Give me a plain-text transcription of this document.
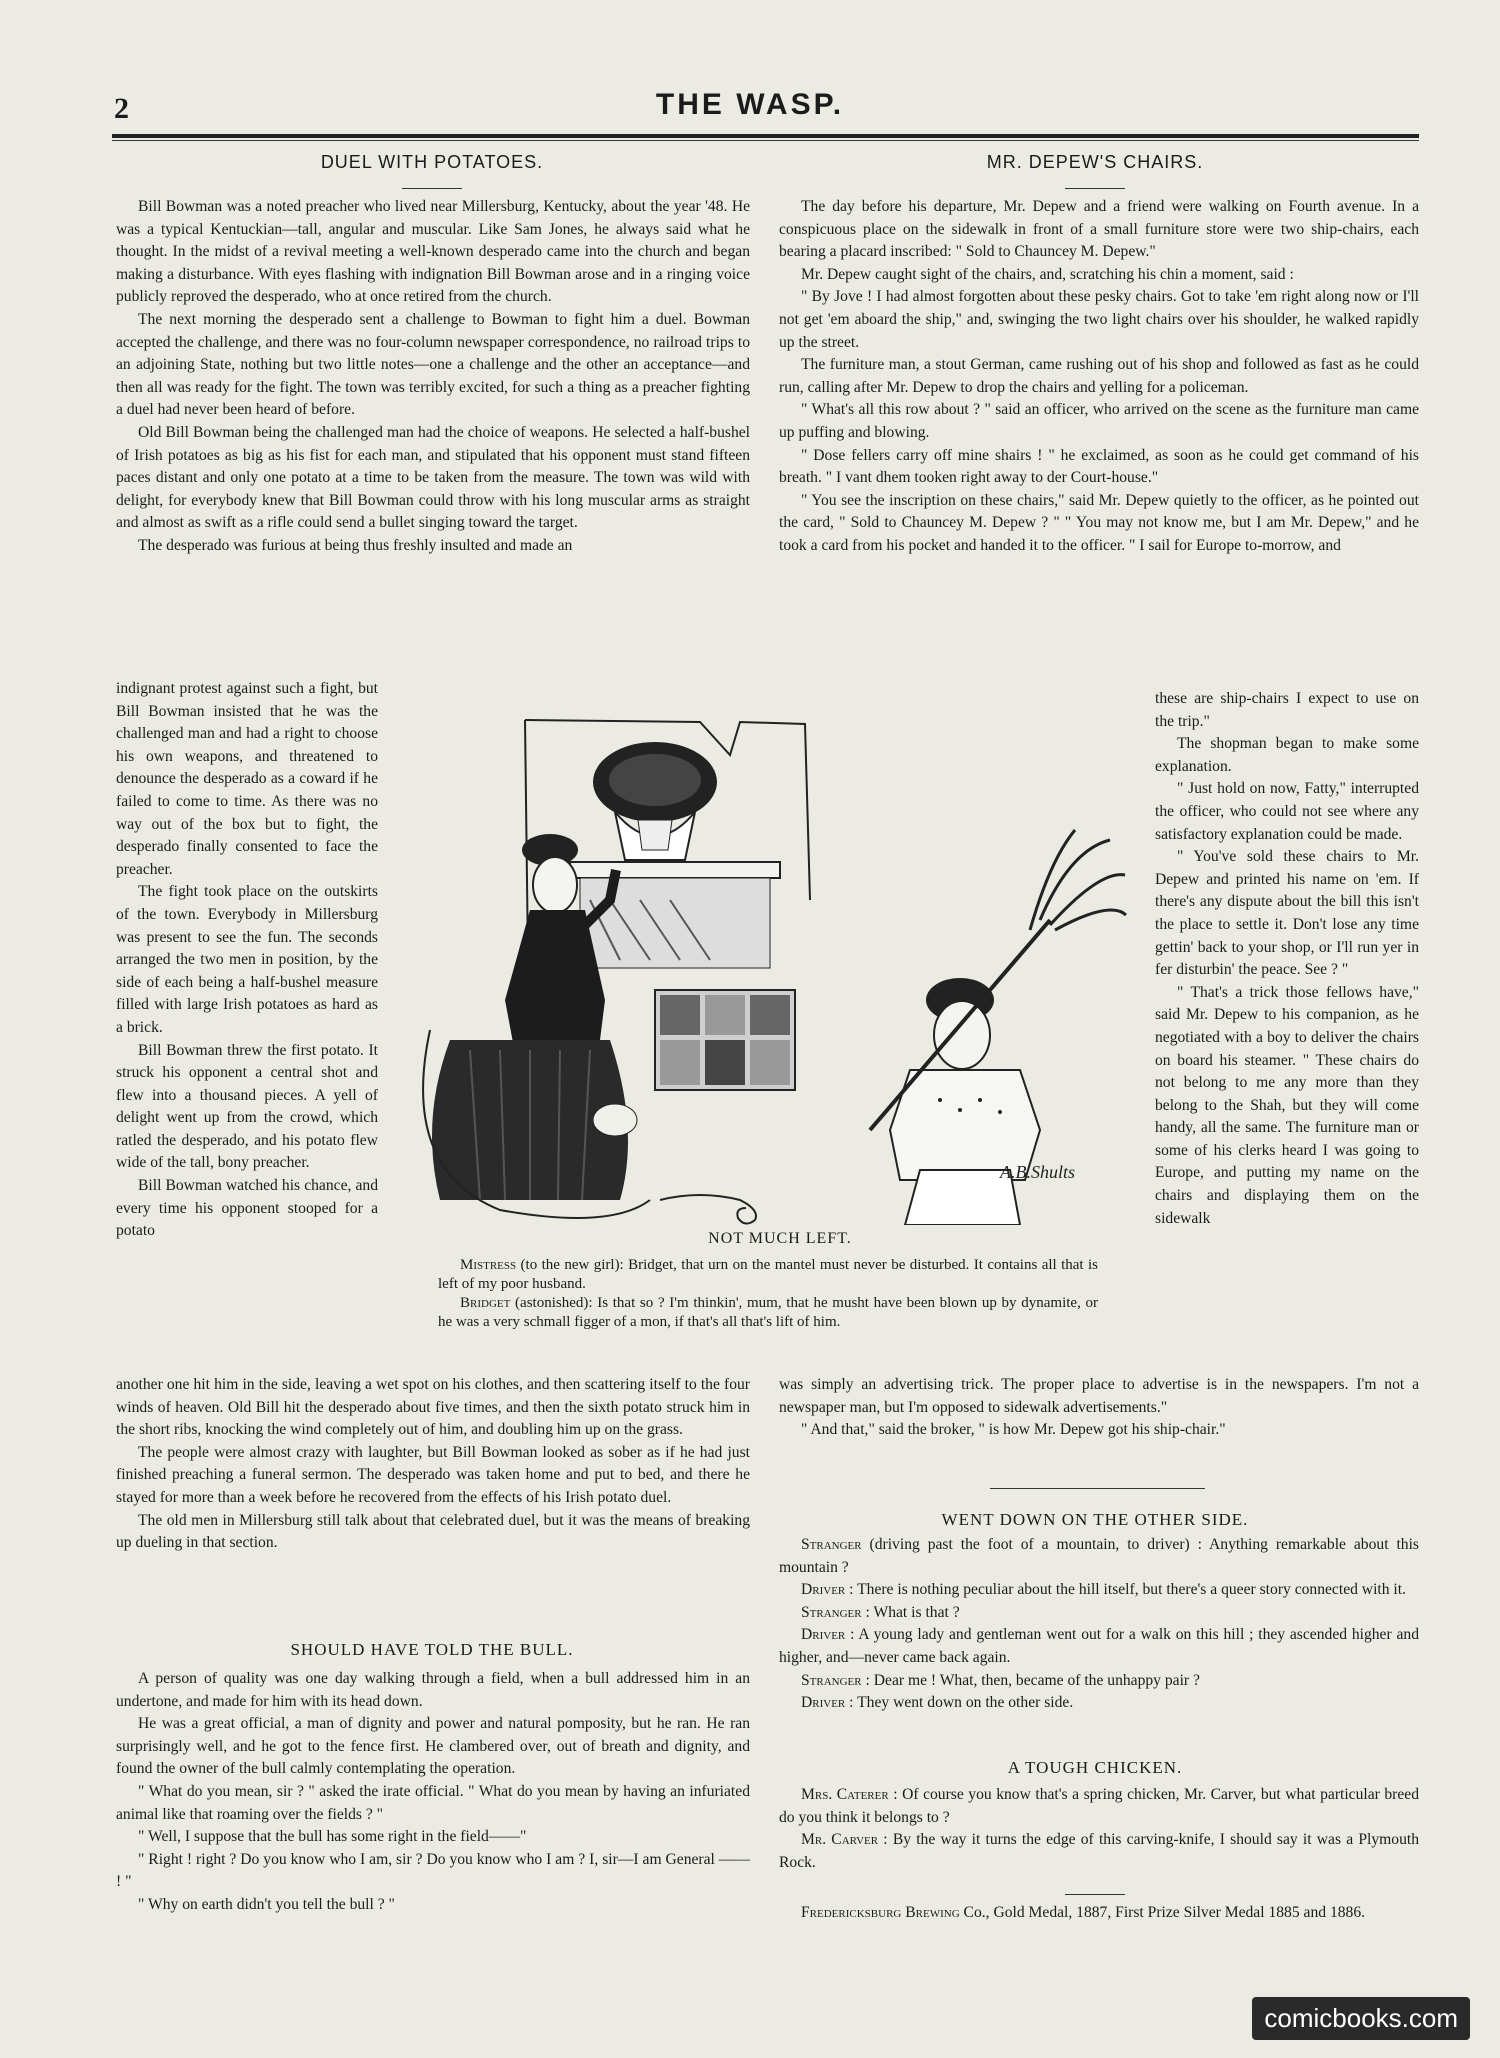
2	THE WASP.
DUEL WITH POTATOES.

Bill Bowman was a noted preacher who lived near Millersburg, Kentucky, about the year '48. He was a typical Kentuckian—tall, angular and muscular. Like Sam Jones, he always said what he thought. In the midst of a revival meeting a well-known desperado came into the church and began making a disturbance. With eyes flashing with indignation Bill Bowman arose and in a ringing voice publicly reproved the desperado, who at once retired from the church.

The next morning the desperado sent a challenge to Bowman to fight him a duel. Bowman accepted the challenge, and there was no four-column newspaper correspondence, no railroad trips to an adjoining State, nothing but two little notes—one a challenge and the other an acceptance—and then all was ready for the fight. The town was terribly excited, for such a thing as a preacher fighting a duel had never been heard of before.

Old Bill Bowman being the challenged man had the choice of weapons. He selected a half-bushel of Irish potatoes as big as his fist for each man, and stipulated that his opponent must stand fifteen paces distant and only one potato at a time to be taken from the measure. The town was wild with delight, for everybody knew that Bill Bowman could throw with his long muscular arms as straight and almost as swift as a rifle could send a bullet singing toward the target.

The desperado was furious at being thus freshly insulted and made an

indignant protest against such a fight, but Bill Bowman insisted that he was the challenged man and had a right to choose his own weapons, and threatened to denounce the desperado as a coward if he failed to come to time. As there was no way out of the box but to fight, the desperado finally consented to face the preacher.

The fight took place on the outskirts of the town. Everybody in Millersburg was present to see the fun. The seconds arranged the two men in position, by the side of each being a half-bushel measure filled with large Irish potatoes as hard as a brick.

Bill Bowman threw the first potato. It struck his opponent a central shot and flew into a thousand pieces. A yell of delight went up from the crowd, which ratled the desperado, and his potato flew wide of the tall, bony preacher.

Bill Bowman watched his chance, and every time his opponent stooped for a potato

another one hit him in the side, leaving a wet spot on his clothes, and then scattering itself to the four winds of heaven. Old Bill hit the desperado about five times, and then the sixth potato struck him in the short ribs, knocking the wind completely out of him, and doubling him up on the grass.

The people were almost crazy with laughter, but Bill Bowman looked as sober as if he had just finished preaching a funeral sermon. The desperado was taken home and put to bed, and there he stayed for more than a week before he recovered from the effects of his Irish potato duel.

The old men in Millersburg still talk about that celebrated duel, but it was the means of breaking up dueling in that section.

SHOULD HAVE TOLD THE BULL.

A person of quality was one day walking through a field, when a bull addressed him in an undertone, and made for him with its head down.

He was a great official, a man of dignity and power and natural pomposity, but he ran. He ran surprisingly well, and he got to the fence first. He clambered over, out of breath and dignity, and found the owner of the bull calmly contemplating the operation.

" What do you mean, sir ? " asked the irate official. " What do you mean by having an infuriated animal like that roaming over the fields ? "

" Well, I suppose that the bull has some right in the field——"

" Right ! right ? Do you know who I am, sir ? Do you know who I am ? I, sir—I am General —— ! "

" Why on earth didn't you tell the bull ? "

MR. DEPEW'S CHAIRS.

The day before his departure, Mr. Depew and a friend were walking on Fourth avenue. In a conspicuous place on the sidewalk in front of a small furniture store were two ship-chairs, each bearing a placard inscribed: " Sold to Chauncey M. Depew."

Mr. Depew caught sight of the chairs, and, scratching his chin a moment, said :

" By Jove ! I had almost forgotten about these pesky chairs. Got to take 'em right along now or I'll not get 'em aboard the ship," and, swinging the two light chairs over his shoulder, he walked rapidly up the street.

The furniture man, a stout German, came rushing out of his shop and followed as fast as he could run, calling after Mr. Depew to drop the chairs and yelling for a policeman.

" What's all this row about ? " said an officer, who arrived on the scene as the furniture man came up puffing and blowing.

" Dose fellers carry off mine shairs ! " he exclaimed, as soon as he could get command of his breath. " I vant dhem tooken right away to der Court-house."

" You see the inscription on these chairs," said Mr. Depew quietly to the officer, as he pointed out the card, " Sold to Chauncey M. Depew ? " " You may not know me, but I am Mr. Depew," and he took a card from his pocket and handed it to the officer. " I sail for Europe to-morrow, and

these are ship-chairs I expect to use on the trip."

The shopman began to make some explanation.

" Just hold on now, Fatty," interrupted the officer, who could not see where any satisfactory explanation could be made.

" You've sold these chairs to Mr. Depew and printed his name on 'em. If there's any dispute about the bill this isn't the place to settle it. Don't lose any time gettin' back to your shop, or I'll run yer in fer disturbin' the peace. See ? "

" That's a trick those fellows have," said Mr. Depew to his companion, as he negotiated with a boy to deliver the chairs on board his steamer. " These chairs do not belong to me any more than they belong to the Shah, but they will come handy, all the same. The furniture man or some of his clerks heard I was going to Europe, and putting my name on the chairs and displaying them on the sidewalk

was simply an advertising trick. The proper place to advertise is in the newspapers. I'm not a newspaper man, but I'm opposed to sidewalk advertisements."

" And that," said the broker, " is how Mr. Depew got his ship-chair."

WENT DOWN ON THE OTHER SIDE.

Stranger (driving past the foot of a mountain, to driver) : Anything remarkable about this mountain ?

Driver : There is nothing peculiar about the hill itself, but there's a queer story connected with it.

Stranger : What is that ?

Driver : A young lady and gentleman went out for a walk on this hill ; they ascended higher and higher, and—never came back again.

Stranger : Dear me ! What, then, became of the unhappy pair ?

Driver : They went down on the other side.

A TOUGH CHICKEN.

Mrs. Caterer : Of course you know that's a spring chicken, Mr. Carver, but what particular breed do you think it belongs to ?

Mr. Carver : By the way it turns the edge of this carving-knife, I should say it was a Plymouth Rock.

Fredericksburg Brewing Co., Gold Medal, 1887, First Prize Silver Medal 1885 and 1886.

A.B.Shults
NOT MUCH LEFT.

Mistress (to the new girl): Bridget, that urn on the mantel must never be disturbed. It contains all that is left of my poor husband.

Bridget (astonished): Is that so ? I'm thinkin', mum, that he musht have been blown up by dynamite, or he was a very schmall figger of a mon, if that's all that's lift of him.

comicbooks.com
